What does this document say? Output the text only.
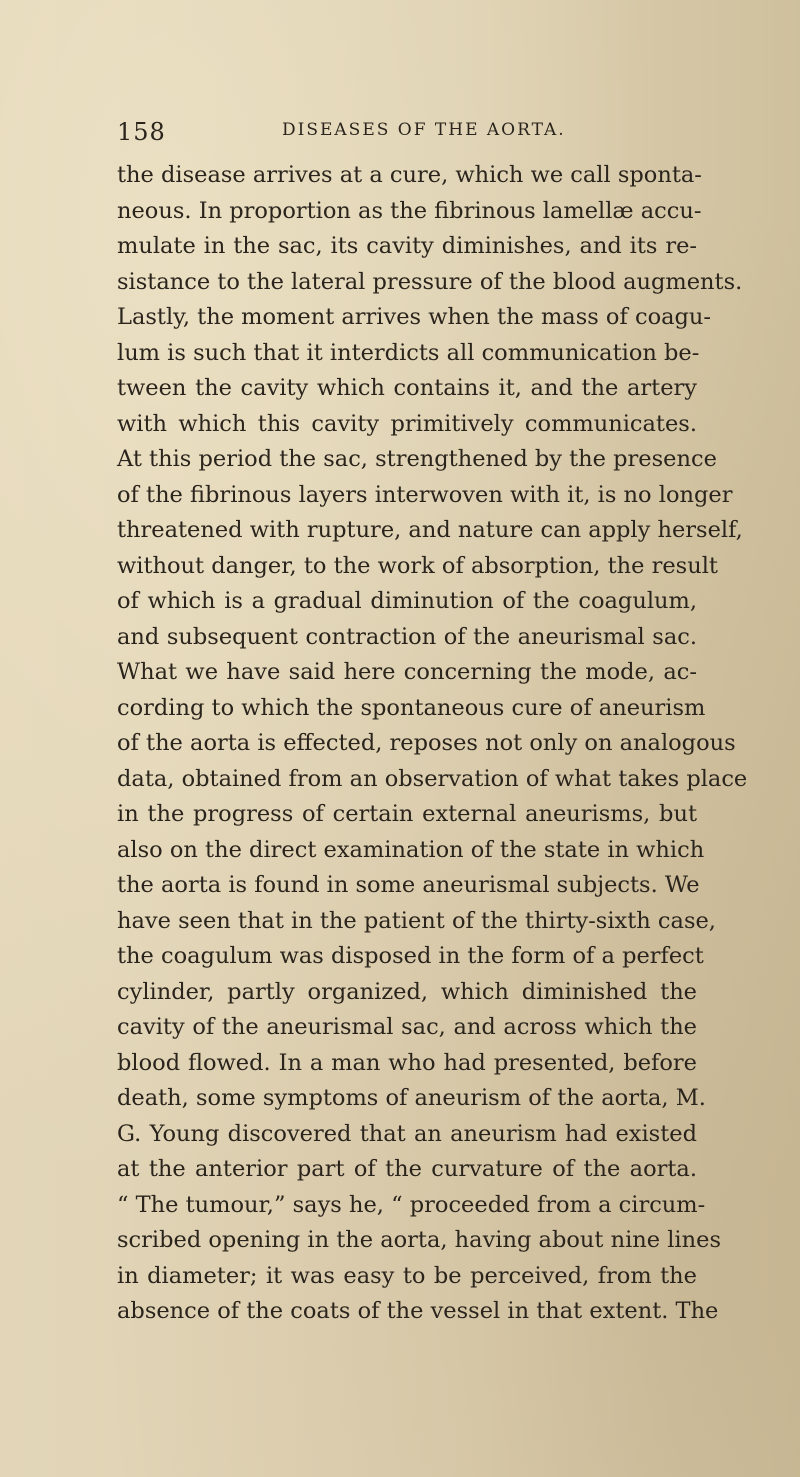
158	DISEASES OF THE AORTA.
the disease arrives at a cure, which we call sponta-
neous. In proportion as the fibrinous lamellæ accu-
mulate in the sac, its cavity diminishes, and its re-
sistance to the lateral pressure of the blood augments.
Lastly, the moment arrives when the mass of coagu-
lum is such that it interdicts all communication be-
tween the cavity which contains it, and the artery
with which this cavity primitively communicates.
At this period the sac, strengthened by the presence
of the fibrinous layers interwoven with it, is no longer
threatened with rupture, and nature can apply herself,
without danger, to the work of absorption, the result
of which is a gradual diminution of the coagulum,
and subsequent contraction of the aneurismal sac.
What we have said here concerning the mode, ac-
cording to which the spontaneous cure of aneurism
of the aorta is effected, reposes not only on analogous
data, obtained from an observation of what takes place
in the progress of certain external aneurisms, but
also on the direct examination of the state in which
the aorta is found in some aneurismal subjects. We
have seen that in the patient of the thirty-sixth case,
the coagulum was disposed in the form of a perfect
cylinder, partly organized, which diminished the
cavity of the aneurismal sac, and across which the
blood flowed. In a man who had presented, before
death, some symptoms of aneurism of the aorta, M.
G. Young discovered that an aneurism had existed
at the anterior part of the curvature of the aorta.
“ The tumour,” says he, “ proceeded from a circum-
scribed opening in the aorta, having about nine lines
in diameter; it was easy to be perceived, from the
absence of the coats of the vessel in that extent. The
